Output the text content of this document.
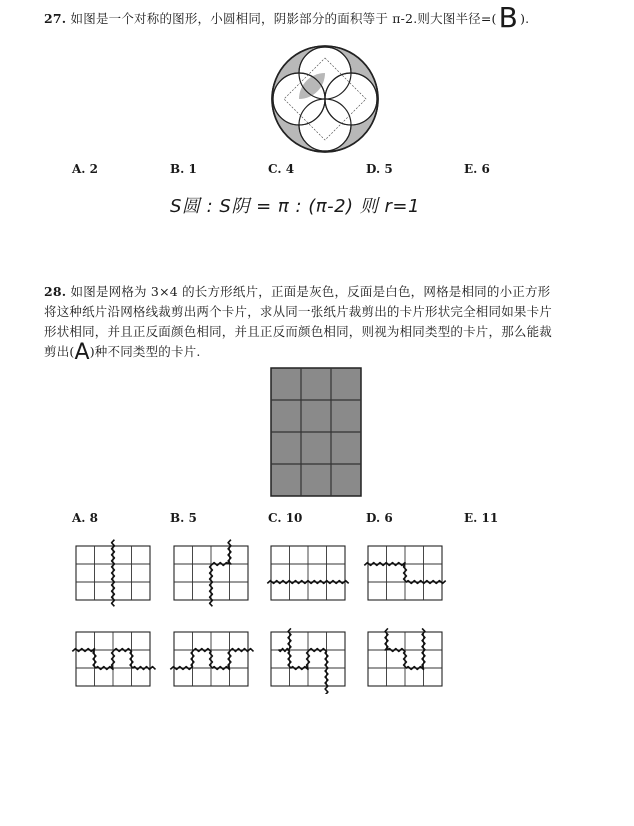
27. 如图是一个对称的图形，小圆相同，阴影部分的面积等于 π-2.则大图半径=(B ).
A. 2	B. 1	C. 4	D. 5	E. 6
S圆 : S阴 = π : (π-2) 则 r=1
28. 如图是网格为 3×4 的长方形纸片，正面是灰色，反面是白色，网格是相同的小正方形
将这种纸片沿网格线裁剪出两个卡片，求从同一张纸片裁剪出的卡片形状完全相同如果卡片
形状相同，并且正反面颜色相同，并且正反而颜色相同，则视为相同类型的卡片，那么能裁
剪出(A)种不同类型的卡片.
A. 8	B. 5	C. 10	D. 6	E. 11
